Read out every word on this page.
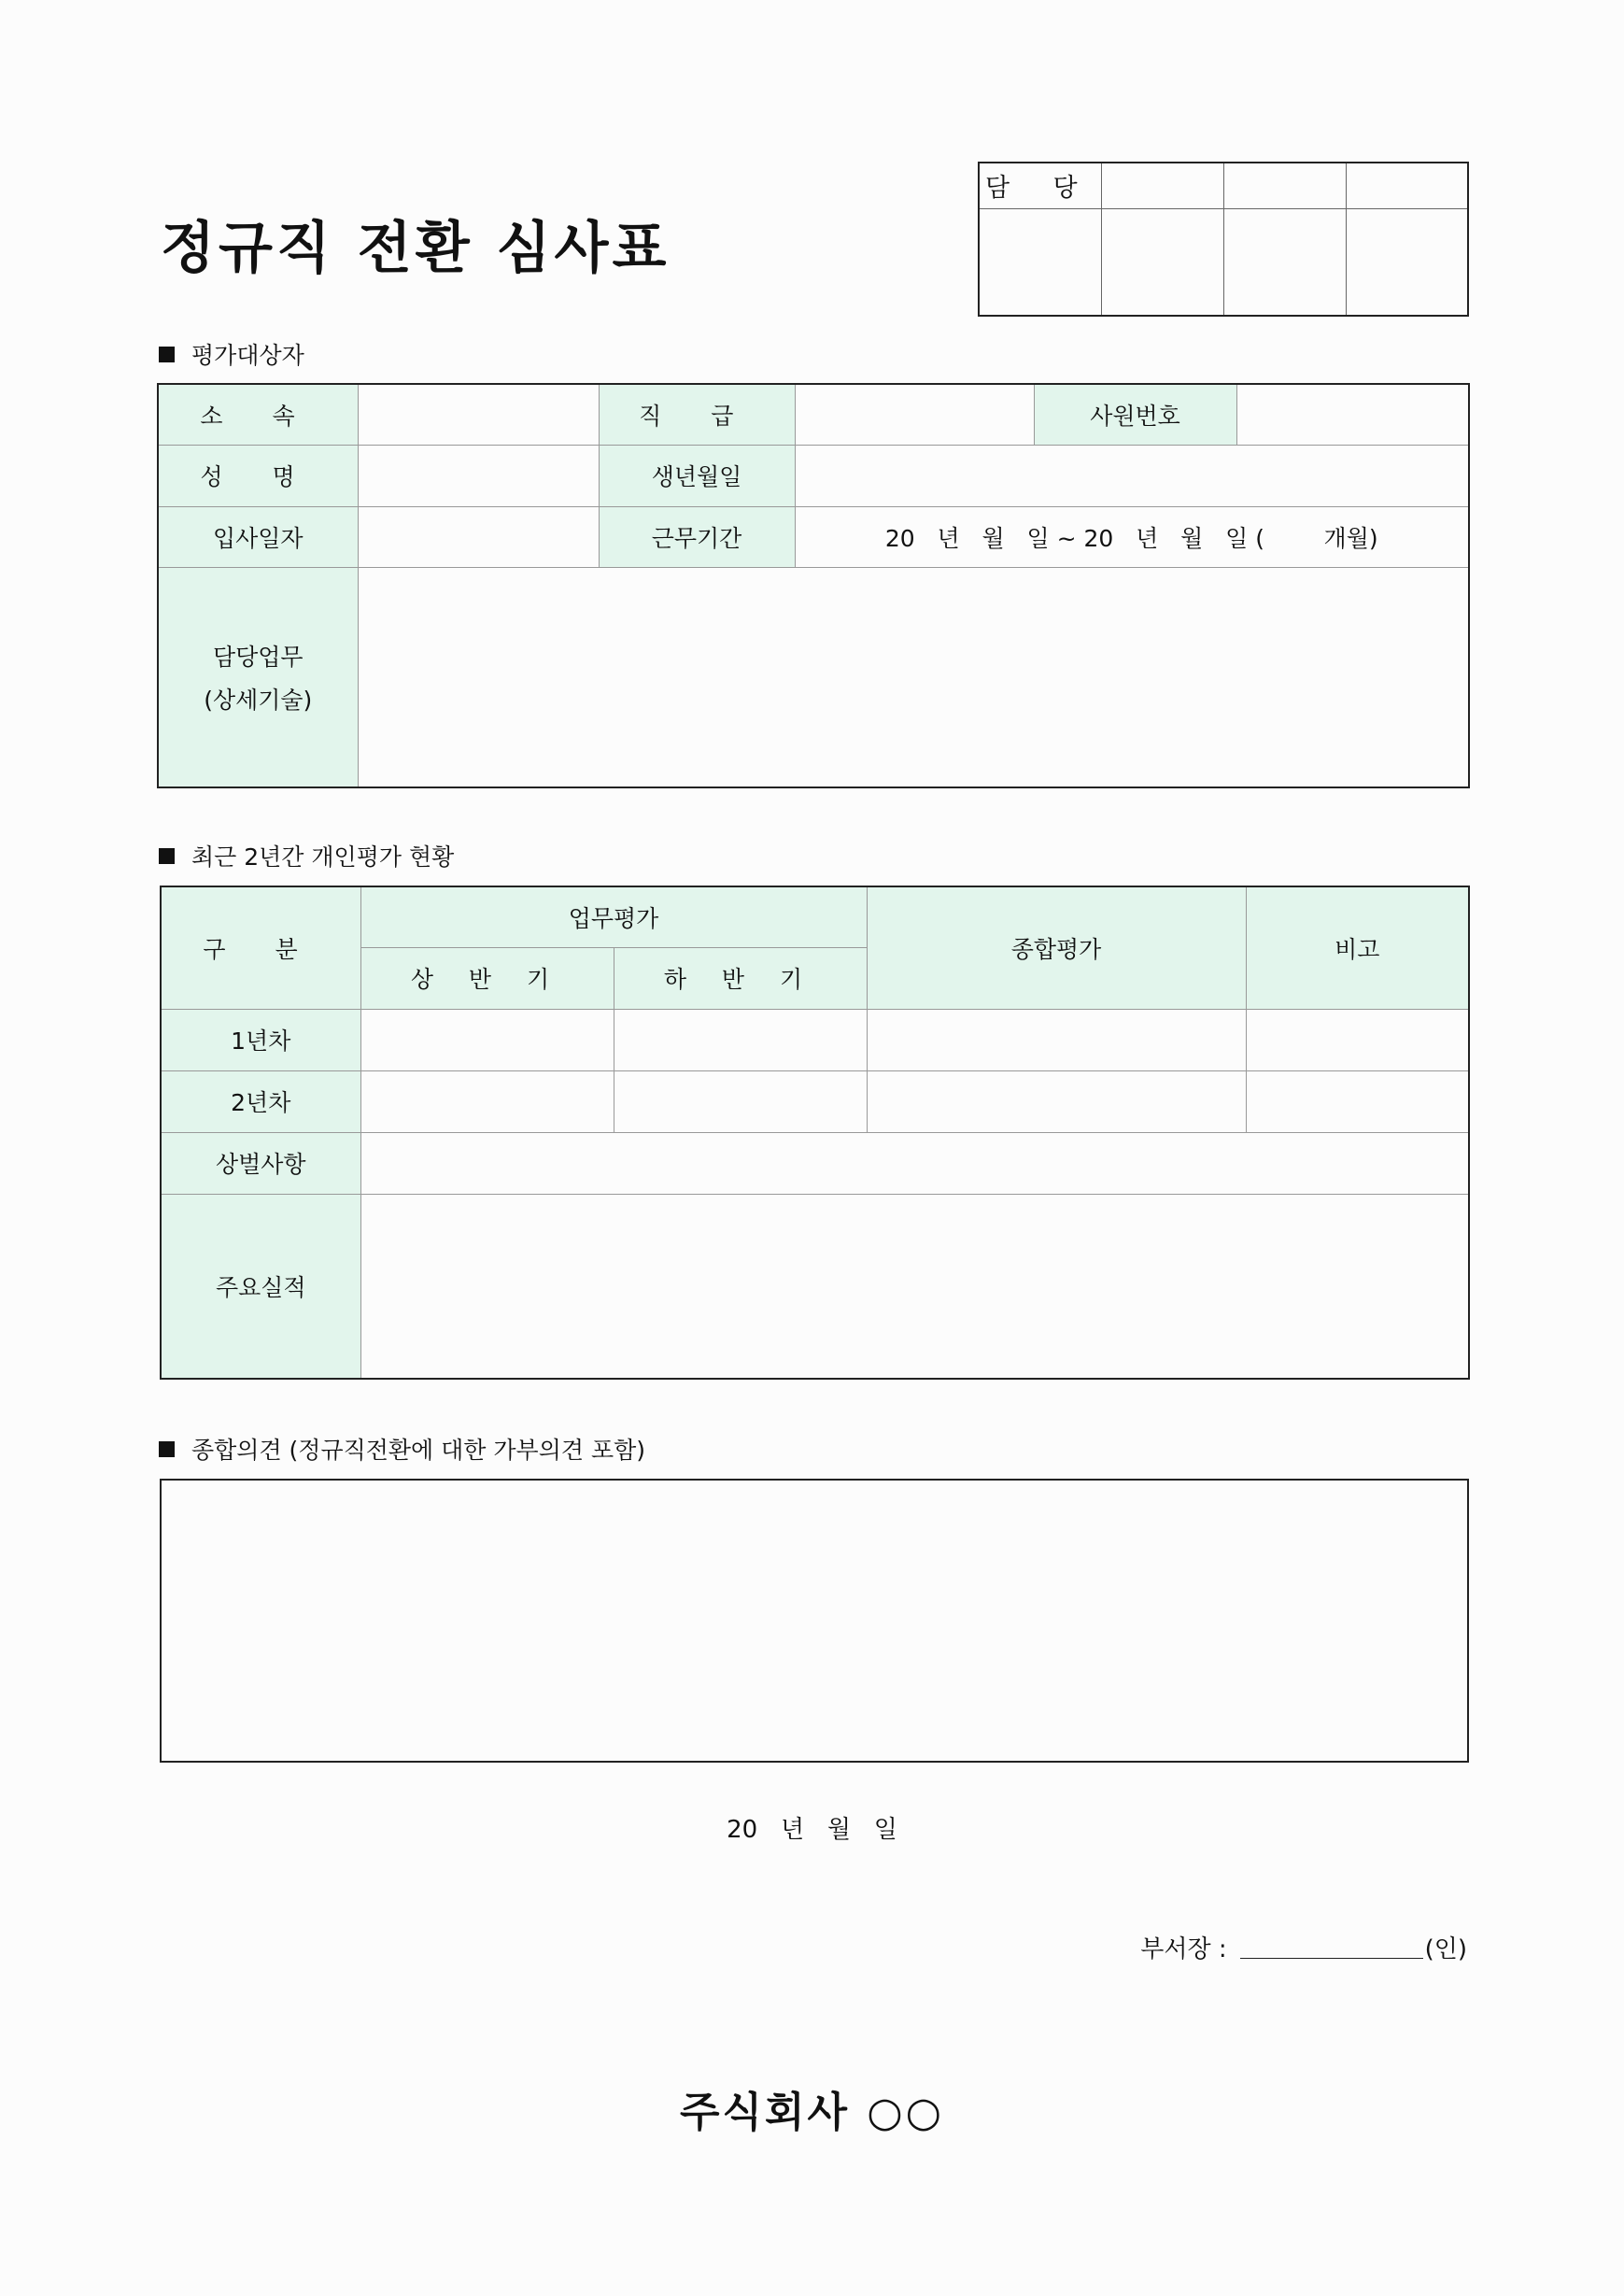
정규직 전환 심사표
담 당			

평가대상자
소 속		직 급		사원번호	
성 명		생년월일			
입사일자		근무기간	20   년   월   일 ~ 20   년   월   일 (        개월)		

담당업무
(상세기술)					

최근 2년간 개인평가 현황
구 분	업무평가		종합평가	비고
	상 반 기	하 반 기		
1년차				
2년차				
상벌사항				
주요실적				
종합의견 (정규직전환에 대한 가부의견 포함)
20   년   월   일
부서장 :	(인)
주식회사 ○○
